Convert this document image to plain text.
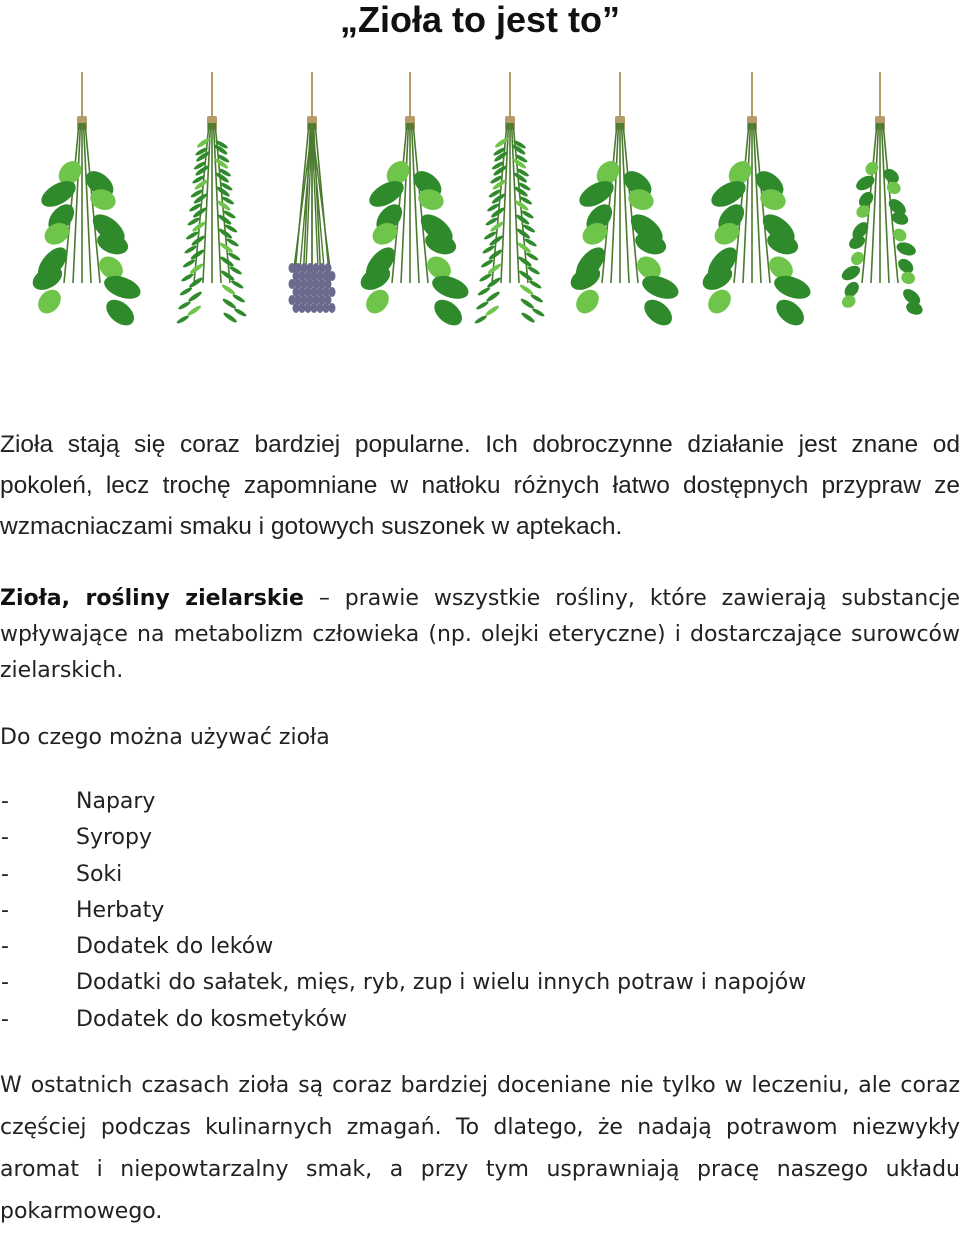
„Zioła to jest to”

Zioła stają się coraz bardziej popularne. Ich dobroczynne działanie jest znane od pokoleń, lecz trochę zapomniane w natłoku różnych łatwo dostępnych przypraw ze wzmacniaczami smaku i gotowych suszonek w aptekach.

Zioła, rośliny zielarskie – prawie wszystkie rośliny, które zawierają substancje wpływające na metabolizm człowieka (np. olejki eteryczne) i dostarczające surowców zielarskich.

Do czego można używać zioła

-	Napary
-	Syropy
-	Soki
-	Herbaty
-	Dodatek do leków
-	Dodatki do sałatek, mięs, ryb, zup i wielu innych potraw i napojów
-	Dodatek do kosmetyków

W ostatnich czasach zioła są coraz bardziej doceniane nie tylko w leczeniu, ale coraz częściej podczas kulinarnych zmagań. To dlatego, że nadają potrawom niezwykły aromat i niepowtarzalny smak, a przy tym usprawniają pracę naszego układu pokarmowego.
